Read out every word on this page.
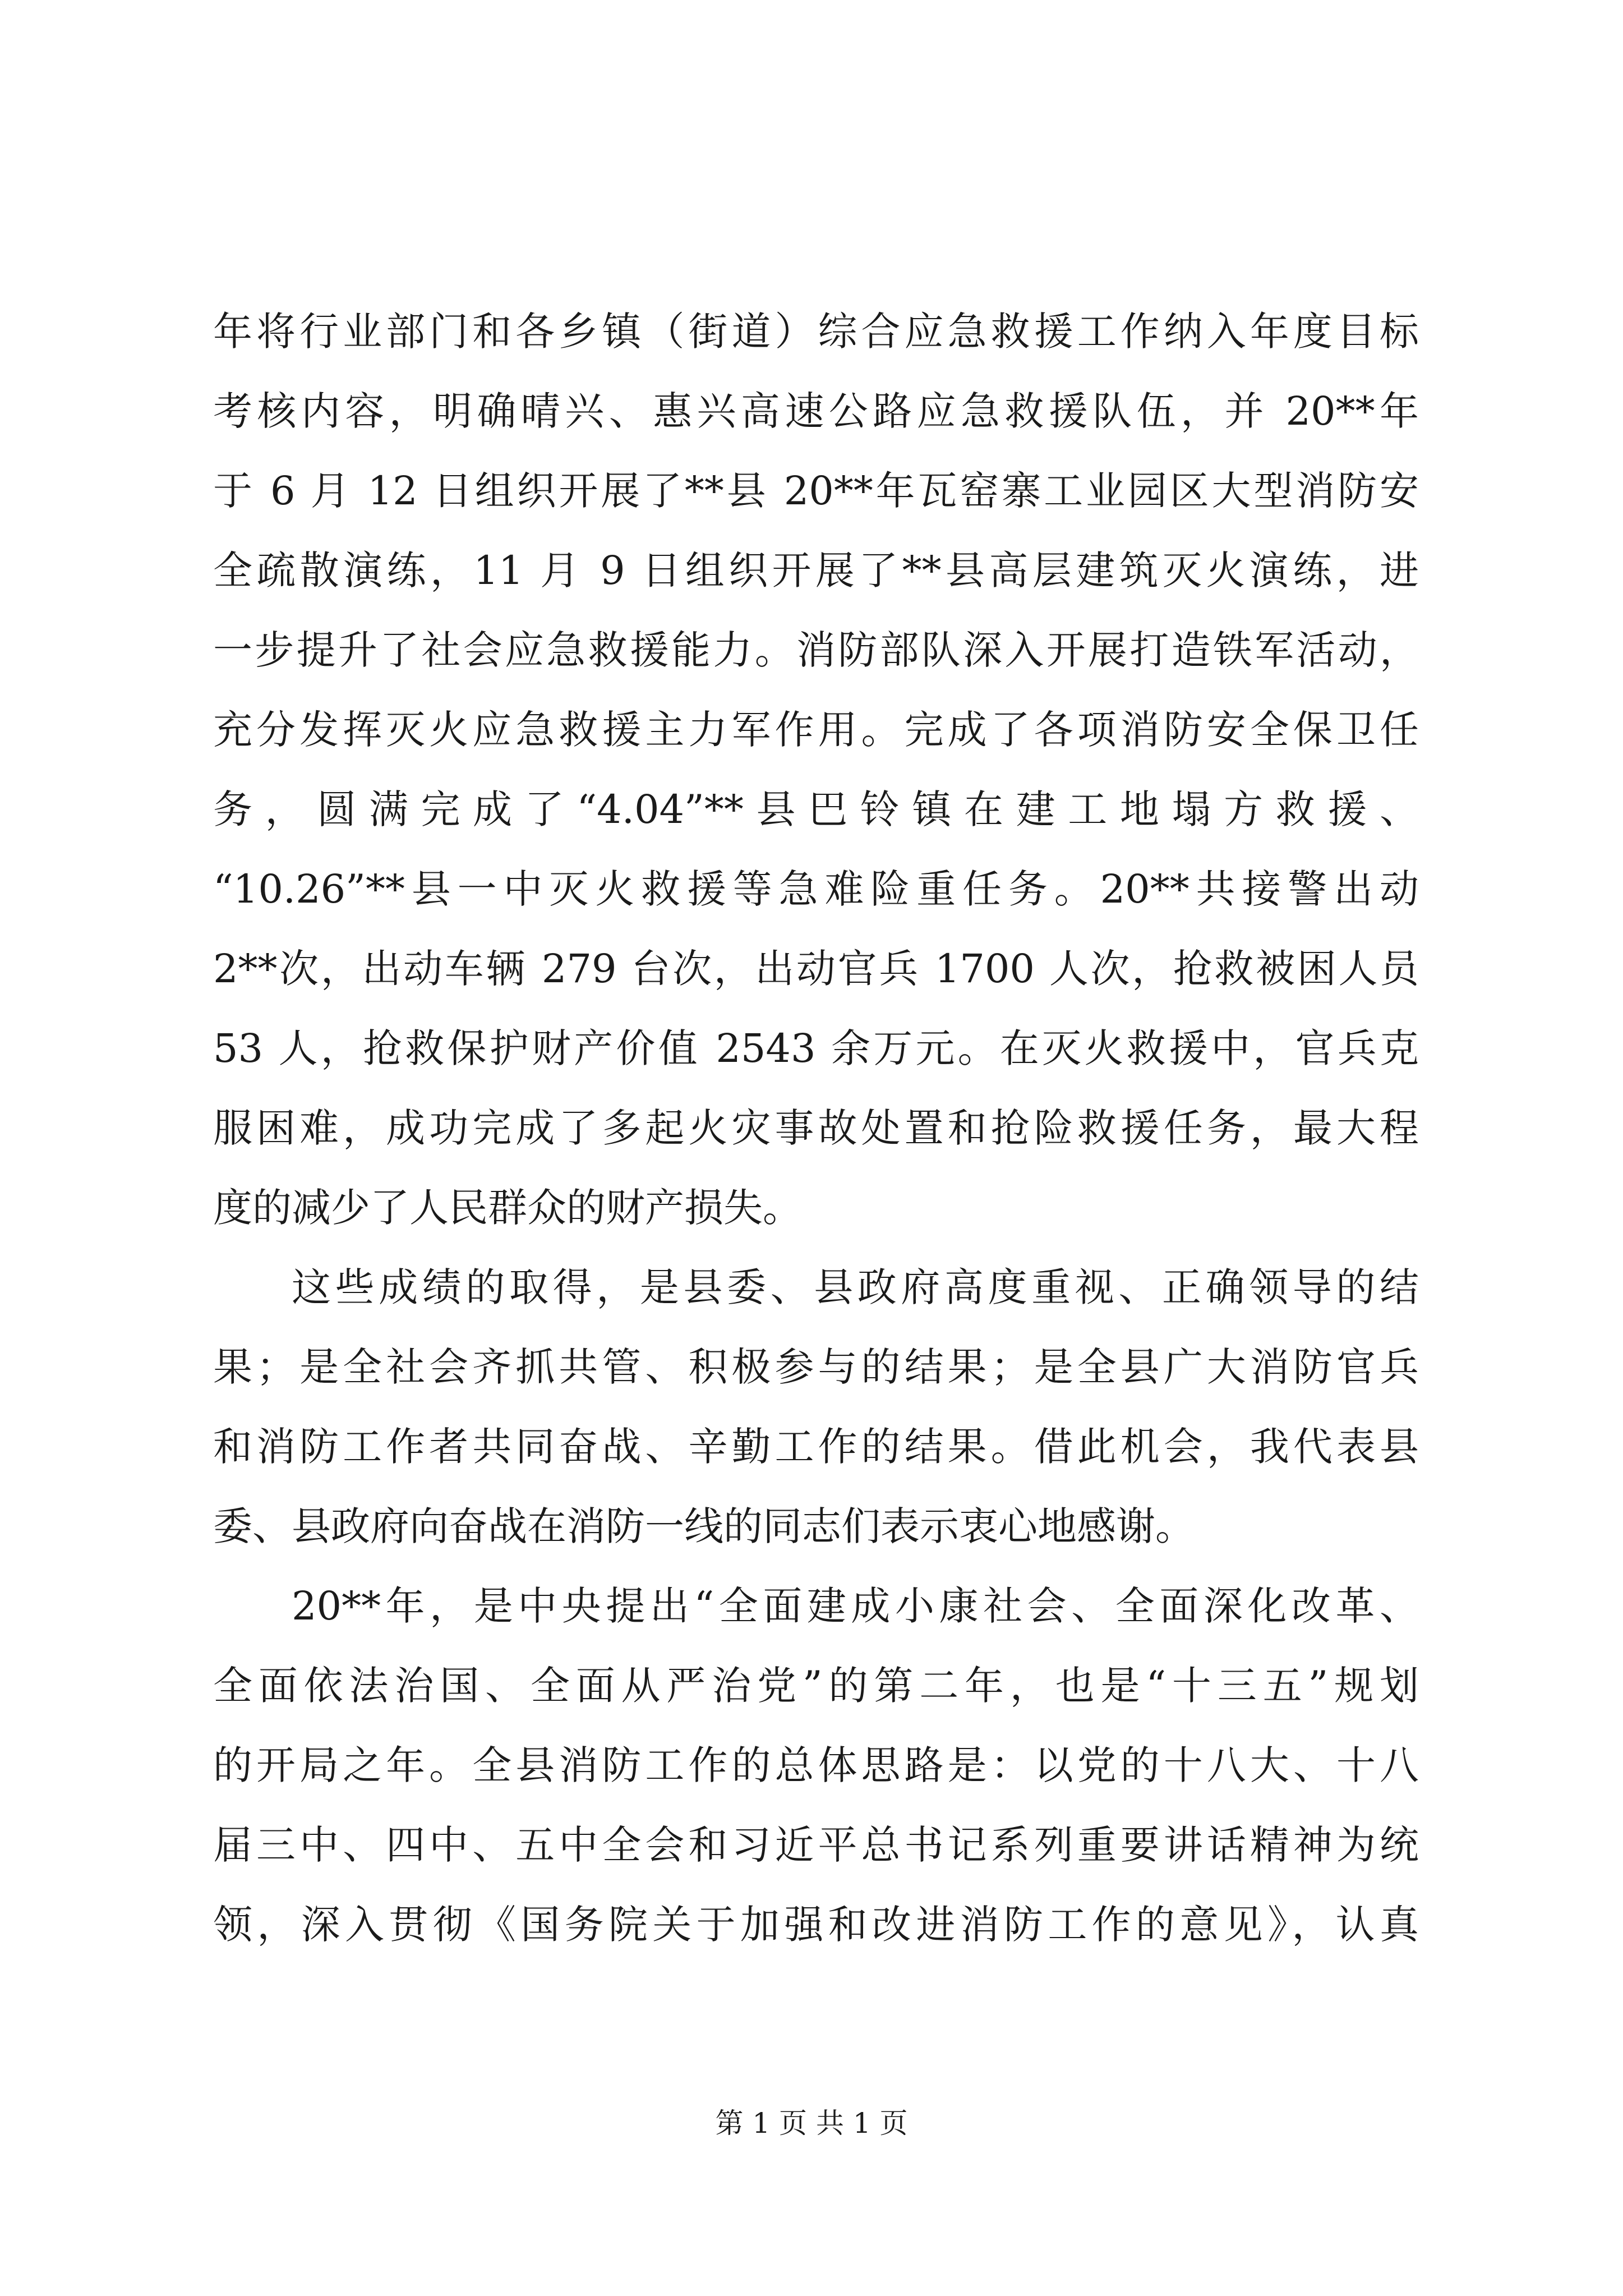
年将行业部门和各乡镇（街道）综合应急救援工作纳入年度目标
考核内容，明确晴兴、惠兴高速公路应急救援队伍，并 20**年
于 6 月 12 日组织开展了**县 20**年瓦窑寨工业园区大型消防安
全疏散演练，11 月 9 日组织开展了**县高层建筑灭火演练，进
一步提升了社会应急救援能力。消防部队深入开展打造铁军活动，
充分发挥灭火应急救援主力军作用。完成了各项消防安全保卫任
务，圆满完成了“4.04”**县巴铃镇在建工地塌方救援、
“10.26”**县一中灭火救援等急难险重任务。20**共接警出动
2**次，出动车辆 279 台次，出动官兵 1700 人次，抢救被困人员
53 人，抢救保护财产价值 2543 余万元。在灭火救援中，官兵克
服困难，成功完成了多起火灾事故处置和抢险救援任务，最大程
度的减少了人民群众的财产损失。
这些成绩的取得，是县委、县政府高度重视、正确领导的结
果；是全社会齐抓共管、积极参与的结果；是全县广大消防官兵
和消防工作者共同奋战、辛勤工作的结果。借此机会，我代表县
委、县政府向奋战在消防一线的同志们表示衷心地感谢。
20**年，是中央提出“全面建成小康社会、全面深化改革、
全面依法治国、全面从严治党”的第二年，也是“十三五”规划
的开局之年。全县消防工作的总体思路是：以党的十八大、十八
届三中、四中、五中全会和习近平总书记系列重要讲话精神为统
领，深入贯彻《国务院关于加强和改进消防工作的意见》，认真
第 1 页 共 1 页
